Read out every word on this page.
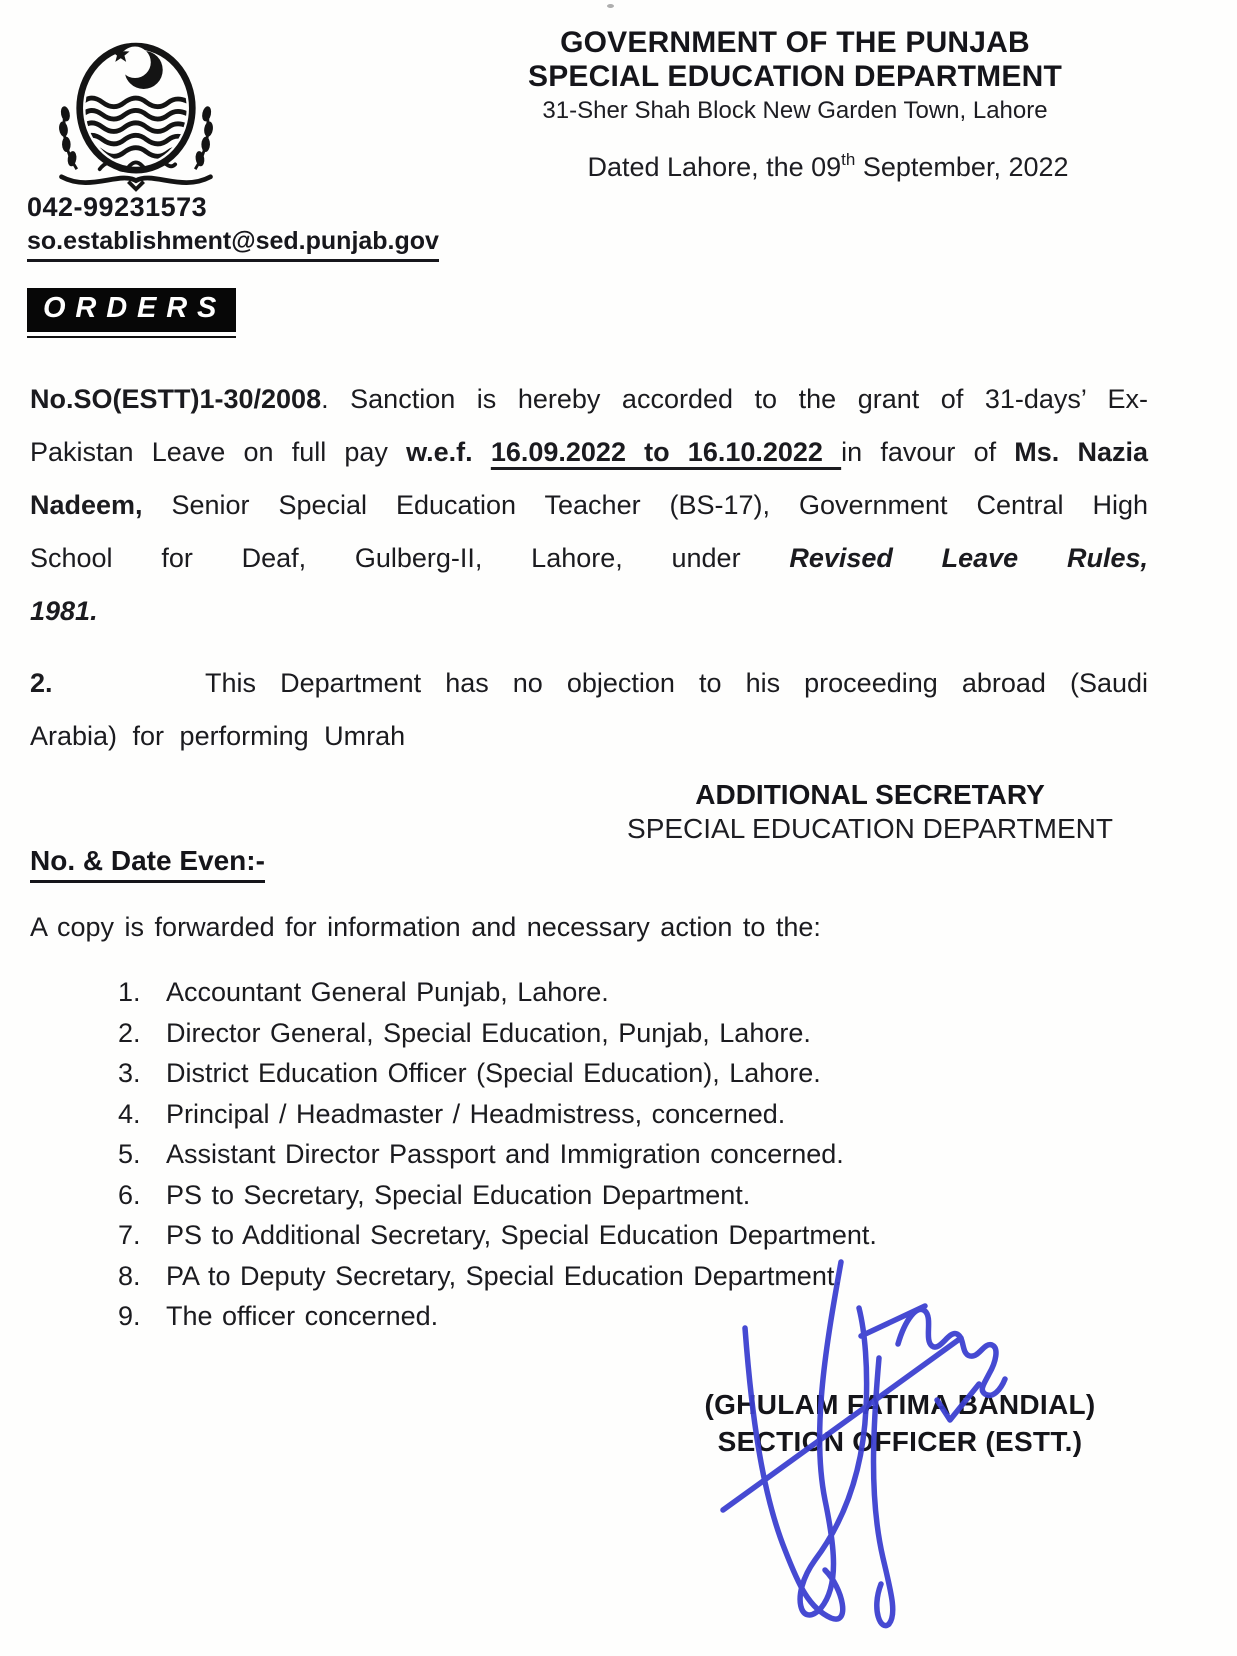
GOVERNMENT OF THE PUNJAB
SPECIAL EDUCATION DEPARTMENT
31-Sher Shah Block New Garden Town, Lahore
Dated Lahore, the 09th September, 2022
042-99231573
so.establishment@sed.punjab.gov
ORDERS

No.SO(ESTT)1-30/2008. Sanction is hereby accorded to the grant of 31-days’ Ex-Pakistan Leave on full pay w.e.f. 16.09.2022 to 16.10.2022 in favour of Ms. Nazia Nadeem, Senior Special Education Teacher (BS-17), Government Central High School for Deaf, Gulberg-II, Lahore, under Revised Leave Rules,
1981.

2.	This Department has no objection to his proceeding abroad (Saudi Arabia) for performing Umrah

ADDITIONAL SECRETARY
SPECIAL EDUCATION DEPARTMENT
No. & Date Even:-
A copy is forwarded for information and necessary action to the:
1. Accountant General Punjab, Lahore.
2. Director General, Special Education, Punjab, Lahore.
3. District Education Officer (Special Education), Lahore.
4. Principal / Headmaster / Headmistress, concerned.
5. Assistant Director Passport and Immigration concerned.
6. PS to Secretary, Special Education Department.
7. PS to Additional Secretary, Special Education Department.
8. PA to Deputy Secretary, Special Education Department.
9. The officer concerned.
(GHULAM FATIMA BANDIAL)
SECTION OFFICER (ESTT.)
